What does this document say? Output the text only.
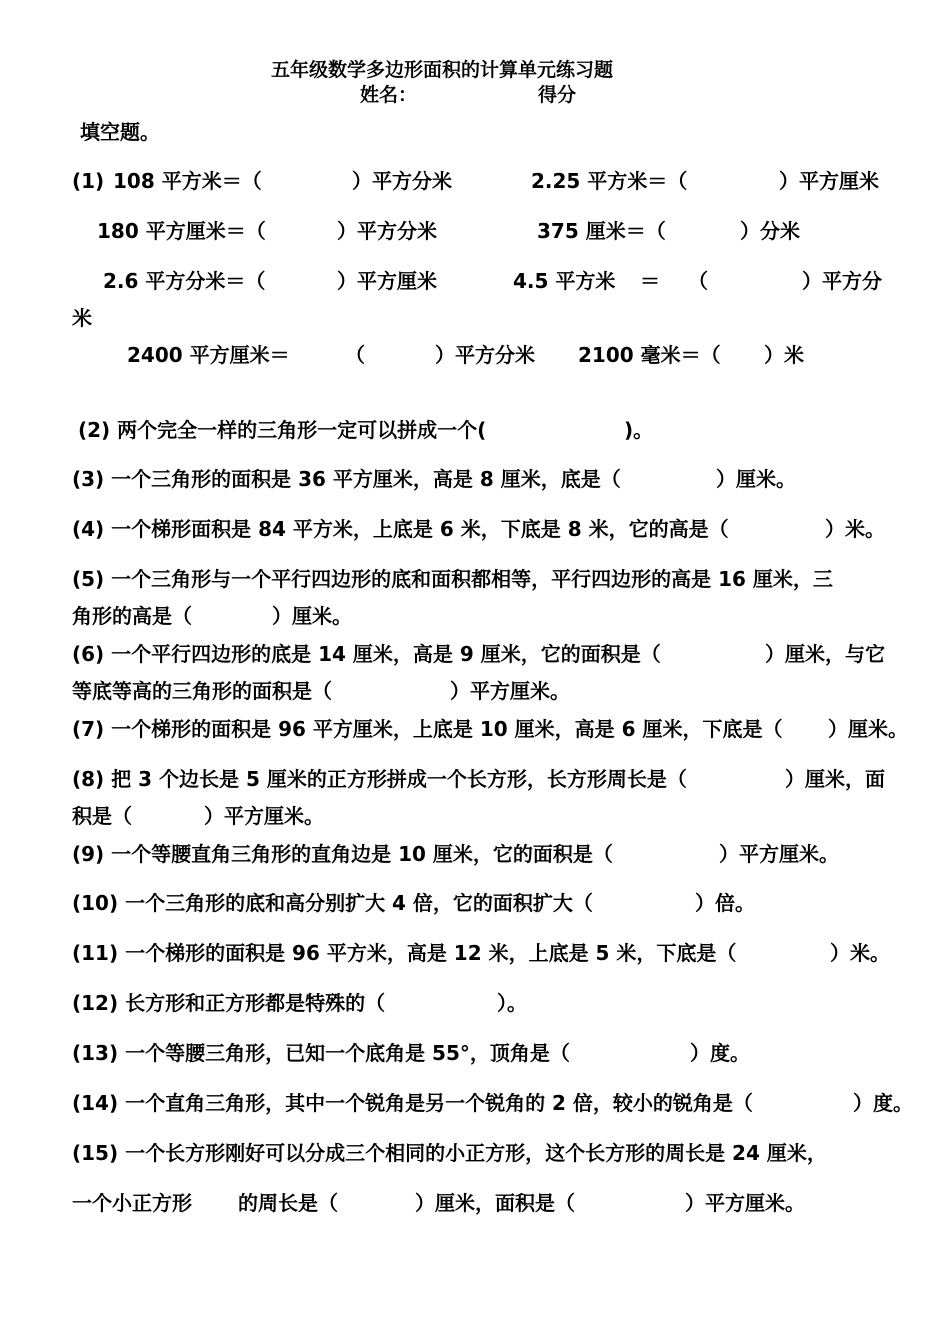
五年级数学多边形面积的计算单元练习题
姓名：	得分
填空题。
(1) 108 平方米＝（	）平方分米	2.25 平方米＝（	）平方厘米
180 平方厘米＝（	）平方分米	375 厘米＝（	）分米
2.6 平方分米＝（	）平方厘米	4.5 平方米 ＝ （	）平方分
米
2400 平方厘米＝	（	）平方分米 2100 毫米＝（ ）米
(2) 两个完全一样的三角形一定可以拼成一个(	)。
(3) 一个三角形的面积是 36 平方厘米，高是 8 厘米，底是（	）厘米。
(4) 一个梯形面积是 84 平方米，上底是 6 米，下底是 8 米，它的高是（	）米。
(5) 一个三角形与一个平行四边形的底和面积都相等，平行四边形的高是 16 厘米，三
角形的高是（	）厘米。
(6) 一个平行四边形的底是 14 厘米，高是 9 厘米，它的面积是（	）厘米，与它
等底等高的三角形的面积是（	）平方厘米。
(7) 一个梯形的面积是 96 平方厘米，上底是 10 厘米，高是 6 厘米，下底是（ ）厘米。
(8) 把 3 个边长是 5 厘米的正方形拼成一个长方形，长方形周长是（	）厘米，面
积是（	）平方厘米。
(9) 一个等腰直角三角形的直角边是 10 厘米，它的面积是（	）平方厘米。
(10) 一个三角形的底和高分别扩大 4 倍，它的面积扩大（	）倍。
(11) 一个梯形的面积是 96 平方米，高是 12 米，上底是 5 米，下底是（	）米。
(12) 长方形和正方形都是特殊的（	）。
(13) 一个等腰三角形，已知一个底角是 55°，顶角是（	）度。
(14) 一个直角三角形，其中一个锐角是另一个锐角的 2 倍，较小的锐角是（	）度。
(15) 一个长方形刚好可以分成三个相同的小正方形，这个长方形的周长是 24 厘米，
一个小正方形 的周长是（	）厘米，面积是（	）平方厘米。
